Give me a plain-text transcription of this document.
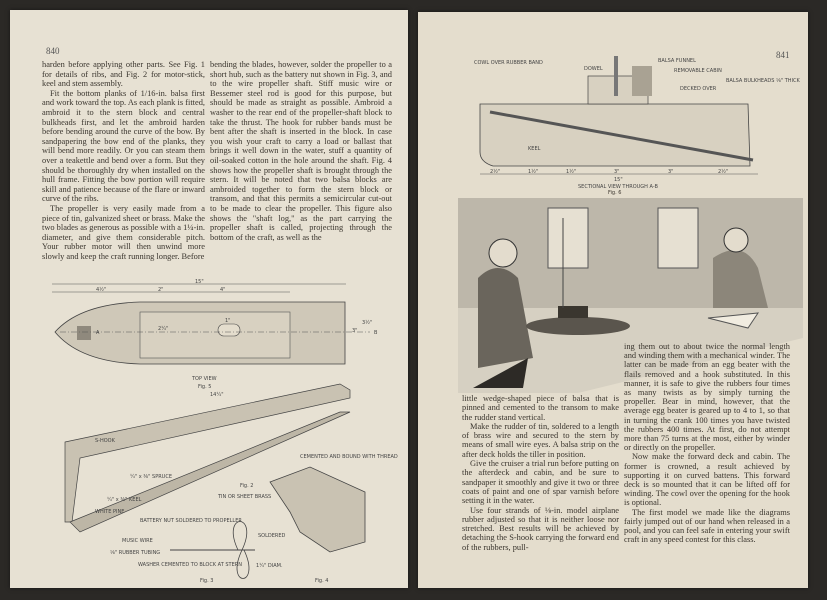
840

harden before applying other parts. See Fig. 1 for details of ribs, and Fig. 2 for motor-stick, keel and stem assembly.

Fit the bottom planks of 1/16-in. balsa first and work toward the top. As each plank is fitted, ambroid it to the stern block and central bulkheads first, and let the ambroid harden before bending around the curve of the bow. By sandpapering the bow end of the planks, they will bend more readily. Or you can steam them over a teakettle and bend over a form. But they should be thoroughly dry when installed on the hull frame. Fitting the bow portion will require skill and patience because of the flare or inward curve of the ribs.

The propeller is very easily made from a piece of tin, galvanized sheet or brass. Make the two blades as generous as possible with a 1¼-in. diameter, and give them considerable pitch. Your rubber motor will then unwind more slowly and keep the craft running longer. Before

bending the blades, however, solder the propeller to a short hub, such as the battery nut shown in Fig. 3, and to the wire propeller shaft. Stiff music wire or Bessemer steel rod is good for this purpose, but should be made as straight as possible. Ambroid a washer to the rear end of the propeller-shaft block to take the thrust. The hook for rubber bands must be bent after the shaft is inserted in the block. In case you wish your craft to carry a load or ballast that brings it well down in the water, stuff a quantity of oil-soaked cotton in the hole around the shaft. Fig. 4 shows how the propeller shaft is brought through the stern. It will be noted that two balsa blocks are ambroided together to form the stern block or transom, and that this permits a semicircular cut-out to be made to clear the propeller. This figure also shows the "shaft log," as the part carrying the propeller shaft is called, projecting through the bottom of the craft, as well as the

4½"
15"
2"	4"
2¼"
1"
3"
3½"
A	B
TOP VIEW
Fig. 5
14¼"
S-HOOK
¼" x ⅜" SPRUCE
¼" x ⅜" KEEL
WHITE PINE
CEMENTED AND BOUND WITH THREAD
Fig. 2
TIN OR SHEET BRASS
BATTERY NUT SOLDERED TO PROPELLER
SOLDERED
MUSIC WIRE
⅛" RUBBER TUBING
WASHER CEMENTED TO BLOCK AT STERN	1¼" DIAM.
Fig. 3	Fig. 4
841
COWL OVER RUBBER BAND
DOWEL
BALSA FUNNEL
REMOVABLE CABIN
DECKED OVER
BALSA BULKHEADS ⅛" THICK
KEEL
2½"	1½"	1½"	3"	3"	2½"
15"
SECTIONAL VIEW THROUGH A-B
Fig. 6

little wedge-shaped piece of balsa that is pinned and cemented to the transom to make the rudder stand vertical.

Make the rudder of tin, soldered to a length of brass wire and secured to the stern by means of small wire eyes. A balsa strip on the after deck holds the tiller in position.

Give the cruiser a trial run before putting on the afterdeck and cabin, and be sure to sandpaper it smoothly and give it two or three coats of paint and one of spar varnish before setting it in the water.

Use four strands of ⅛-in. model airplane rubber adjusted so that it is neither loose nor stretched. Best results will be achieved by detaching the S-hook carrying the forward end of the rubbers, pull-

ing them out to about twice the normal length and winding them with a mechanical winder. The latter can be made from an egg beater with the flails removed and a hook substituted. In this manner, it is safe to give the rubbers four times as many twists as by simply turning the propeller. Bear in mind, however, that the average egg beater is geared up to 4 to 1, so that in turning the crank 100 times you have twisted the rubbers 400 times. At first, do not attempt more than 75 turns at the most, either by winder or directly on the propeller.

Now make the forward deck and cabin. The former is crowned, a result achieved by supporting it on curved battens. This forward deck is so mounted that it can be lifted off for winding. The cowl over the opening for the hook is optional.

The first model we made like the diagrams fairly jumped out of our hand when released in a pool, and you can feel safe in entering your swift craft in any speed contest for this class.
